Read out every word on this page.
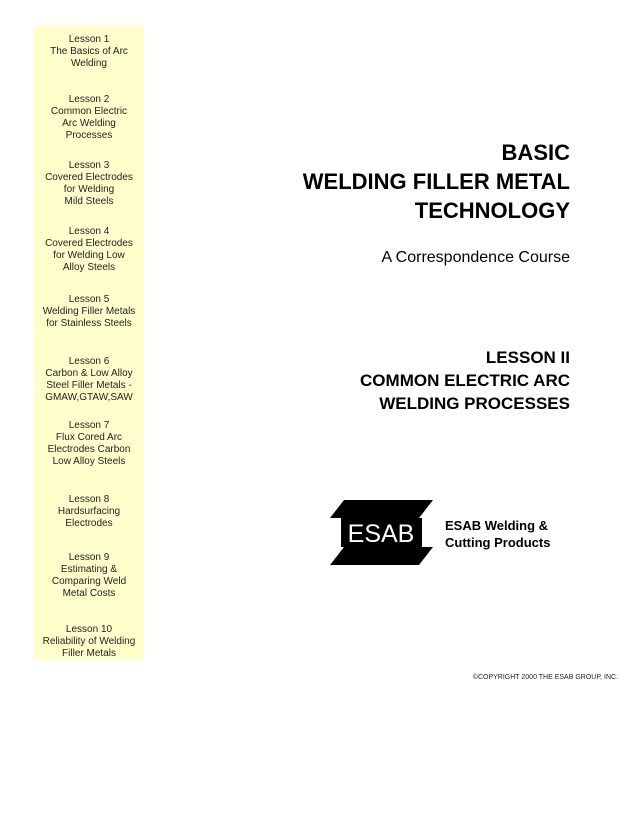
Lesson 1
The Basics of Arc
Welding
Lesson 2
Common Electric
Arc Welding
Processes
Lesson 3
Covered Electrodes
for Welding
Mild Steels
Lesson 4
Covered Electrodes
for Welding Low
Alloy Steels
Lesson 5
Welding Filler Metals
for Stainless Steels
Lesson 6
Carbon & Low Alloy
Steel Filler Metals -
GMAW,GTAW,SAW
Lesson 7
Flux Cored Arc
Electrodes Carbon
Low Alloy Steels
Lesson 8
Hardsurfacing
Electrodes
Lesson 9
Estimating &
Comparing Weld
Metal Costs
Lesson 10
Reliability of Welding
Filler Metals
BASIC
WELDING FILLER METAL
TECHNOLOGY
A Correspondence Course
LESSON II
COMMON ELECTRIC ARC
WELDING PROCESSES
ESAB ESAB Welding &
Cutting Products
©COPYRIGHT 2000 THE ESAB GROUP, INC.
